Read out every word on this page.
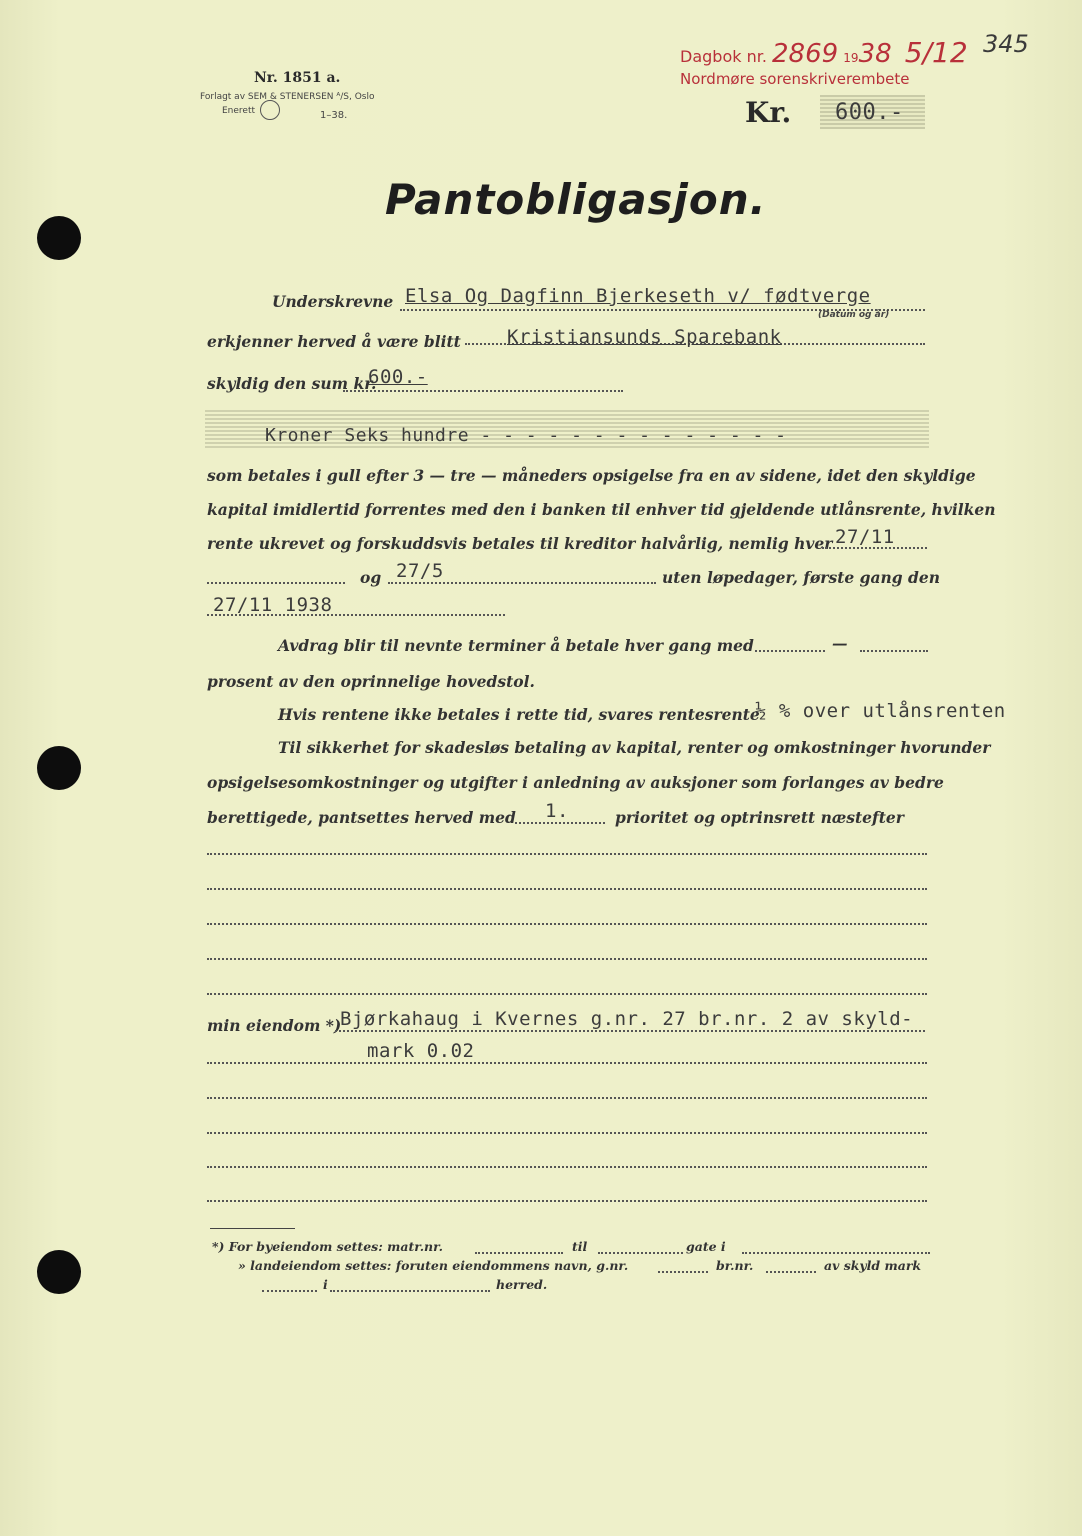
Nr. 1851 a.
Forlagt av SEM & STENERSEN ᴬ/S, Oslo
Enerett	1–38.
Dagbok nr. 2869 1938 5/12
Nordmøre sorenskriverembete
345
Kr. 600.-
Pantobligasjon.
Underskrevne Elsa Og Dagfinn Bjerkeseth v/ fødtverge
(Datum og år)
erkjenner herved å være blitt Kristiansunds Sparebank
skyldig den sum kr.
600.-
Kroner Seks hundre - - - - - - - - - - - - - -
som betales i gull efter 3 — tre — måneders opsigelse fra en av sidene, idet den skyldige
kapital imidlertid forrentes med den i banken til enhver tid gjeldende utlånsrente, hvilken
rente ukrevet og forskuddsvis betales til kreditor halvårlig, nemlig hver 27/11
og 27/5	uten løpedager, første gang den
27/11 1938
Avdrag blir til nevnte terminer å betale hver gang med	—
prosent av den oprinnelige hovedstol.
Hvis rentene ikke betales i rette tid, svares rentesrente
½ % over utlånsrenten
Til sikkerhet for skadesløs betaling av kapital, renter og omkostninger hvorunder
opsigelsesomkostninger og utgifter i anledning av auksjoner som forlanges av bedre
berettigede, pantsettes herved med 1.	prioritet og optrinsrett næstefter
min eiendom *)
Bjørkahaug i Kvernes g.nr. 27 br.nr. 2 av skyld-
mark 0.02
*) For byeiendom settes: matr.nr.	til	gate i
» landeiendom settes: foruten eiendommens navn, g.nr.	br.nr.	av skyld mark
i	herred.
